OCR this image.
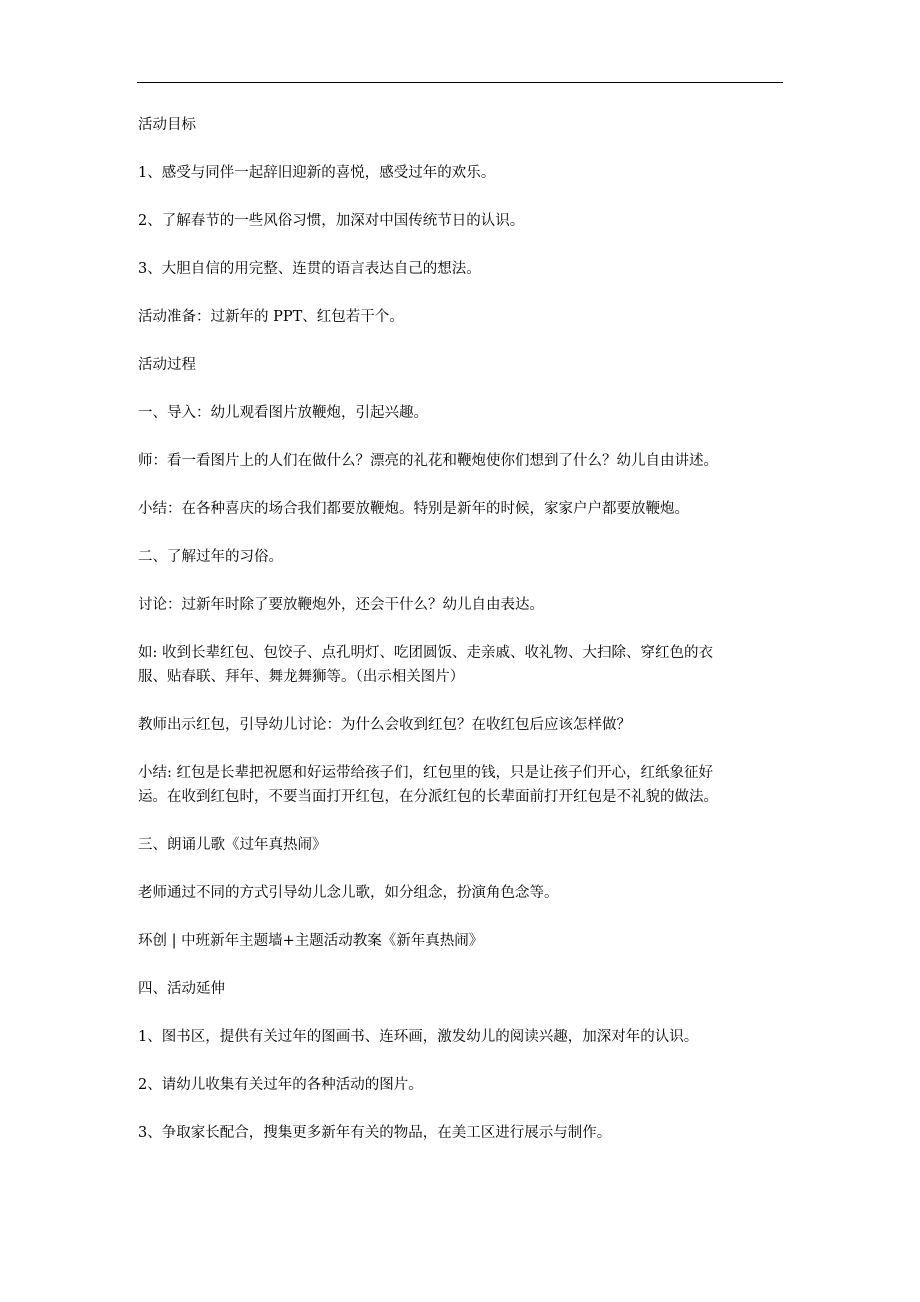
活动目标

1、感受与同伴一起辞旧迎新的喜悦，感受过年的欢乐。

2、了解春节的一些风俗习惯，加深对中国传统节日的认识。

3、大胆自信的用完整、连贯的语言表达自己的想法。

活动准备：过新年的 PPT、红包若干个。

活动过程

一、导入：幼儿观看图片放鞭炮，引起兴趣。

师：看一看图片上的人们在做什么？漂亮的礼花和鞭炮使你们想到了什么？幼儿自由讲述。

小结：在各种喜庆的场合我们都要放鞭炮。特别是新年的时候，家家户户都要放鞭炮。

二、了解过年的习俗。

讨论：过新年时除了要放鞭炮外，还会干什么？幼儿自由表达。

如: 收到长辈红包、包饺子、点孔明灯、吃团圆饭、走亲戚、收礼物、大扫除、穿红色的衣

服、贴春联、拜年、舞龙舞狮等。（出示相关图片）

教师出示红包，引导幼儿讨论：为什么会收到红包？在收红包后应该怎样做？

小结: 红包是长辈把祝愿和好运带给孩子们，红包里的钱，只是让孩子们开心，红纸象征好

运。在收到红包时，不要当面打开红包，在分派红包的长辈面前打开红包是不礼貌的做法。

三、朗诵儿歌《过年真热闹》

老师通过不同的方式引导幼儿念儿歌，如分组念，扮演角色念等。

环创 | 中班新年主题墙+主题活动教案《新年真热闹》

四、活动延伸

1、图书区，提供有关过年的图画书、连环画，激发幼儿的阅读兴趣，加深对年的认识。

2、请幼儿收集有关过年的各种活动的图片。

3、争取家长配合，搜集更多新年有关的物品，在美工区进行展示与制作。
